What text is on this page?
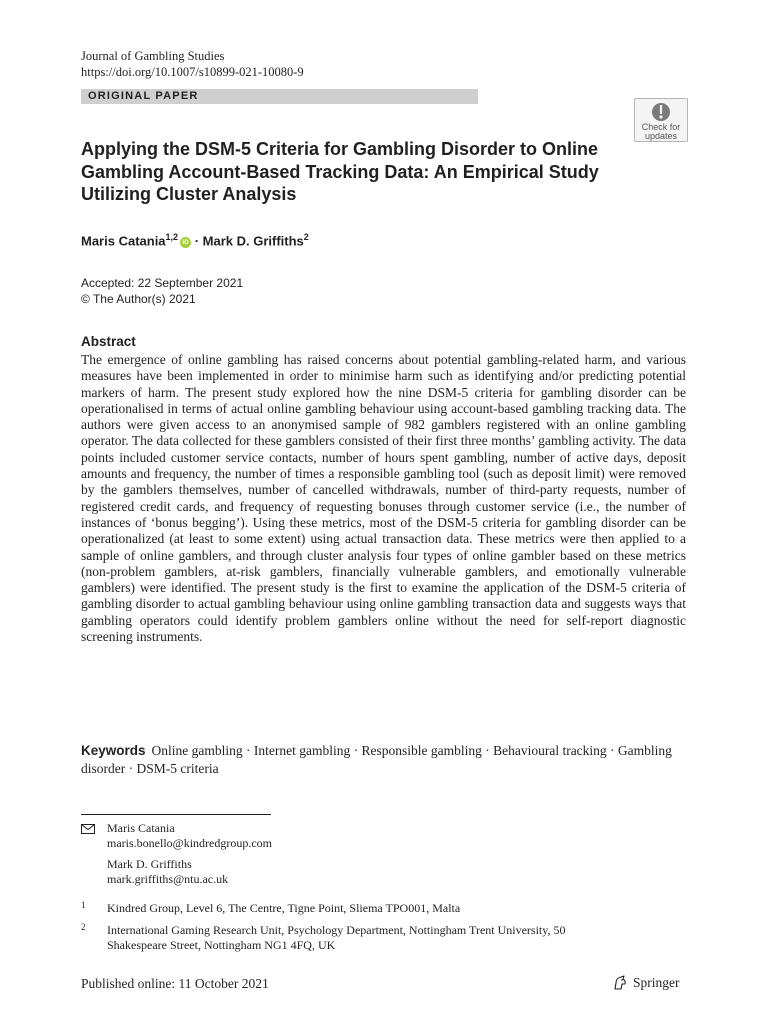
Journal of Gambling Studies
https://doi.org/10.1007/s10899-021-10080-9
ORIGINAL PAPER
Check for updates
Applying the DSM-5 Criteria for Gambling Disorder to Online Gambling Account-Based Tracking Data: An Empirical Study Utilizing Cluster Analysis
Maris Catania$^{1,2}$iD · Mark D. Griffiths$^2$
Accepted: 22 September 2021
© The Author(s) 2021
Abstract

The emergence of online gambling has raised concerns about potential gambling-related harm, and various measures have been implemented in order to minimise harm such as identifying and/or predicting potential markers of harm. The present study explored how the nine DSM-5 criteria for gambling disorder can be operationalised in terms of actual online gambling behaviour using account-based gambling tracking data. The authors were given access to an anonymised sample of 982 gamblers registered with an online gambling operator. The data collected for these gamblers consisted of their first three months’ gambling activity. The data points included customer service contacts, number of hours spent gambling, number of active days, deposit amounts and frequency, the number of times a responsible gambling tool (such as deposit limit) were removed by the gamblers themselves, number of cancelled withdrawals, number of third-party requests, number of registered credit cards, and frequency of requesting bonuses through customer service (i.e., the number of instances of ‘bonus begging’). Using these metrics, most of the DSM-5 criteria for gambling disorder can be operationalized (at least to some extent) using actual transaction data. These metrics were then applied to a sample of online gamblers, and through cluster analysis four types of online gambler based on these metrics (non-problem gamblers, at-risk gamblers, financially vulnerable gamblers, and emotionally vulnerable gamblers) were identified. The present study is the first to examine the application of the DSM-5 criteria of gambling disorder to actual gambling behaviour using online gambling transaction data and suggests ways that gambling operators could identify problem gamblers online without the need for self-report diagnostic screening instruments.

Keywords Online gambling · Internet gambling · Responsible gambling · Behavioural tracking · Gambling disorder · DSM-5 criteria
Maris Catania
maris.bonello@kindredgroup.com
Mark D. Griffiths
mark.griffiths@ntu.ac.uk
1 Kindred Group, Level 6, The Centre, Tigne Point, Sliema TPO001, Malta
2 International Gaming Research Unit, Psychology Department, Nottingham Trent University, 50
Shakespeare Street, Nottingham NG1 4FQ, UK
Published online: 11 October 2021	Springer
